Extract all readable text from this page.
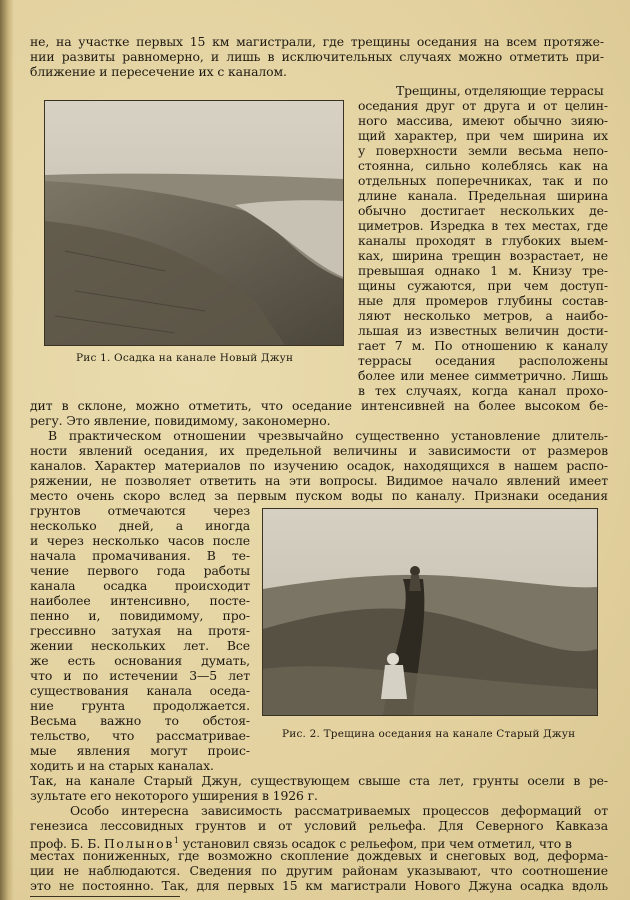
не, на участке первых 15 км магистрали, где трещины оседания на всем протяже-
нии развиты равномерно, и лишь в исключительных случаях можно отметить при-
ближение и пересечение их с каналом.
Рис 1. Осадка на канале Новый Джун
Трещины, отделяющие террасы
оседания друг от друга и от целин-
ного массива, имеют обычно зияю-
щий характер, при чем ширина их
у поверхности земли весьма непо-
стоянна, сильно колеблясь как на
отдельных поперечниках, так и по
длине канала. Предельная ширина
обычно достигает нескольких де-
циметров. Изредка в тех местах, где
каналы проходят в глубоких выем-
ках, ширина трещин возрастает, не
превышая однако 1 м. Книзу тре-
щины сужаются, при чем доступ-
ные для промеров глубины состав-
ляют несколько метров, а наибо-
льшая из известных величин дости-
гает 7 м. По отношению к каналу
террасы оседания расположены
более или менее симметрично. Лишь
в тех случаях, когда канал прохо-
дит в склоне, можно отметить, что оседание интенсивней на более высоком бе-
регу. Это явление, повидимому, закономерно.
В практическом отношении чрезвычайно существенно установление длитель-
ности явлений оседания, их предельной величины и зависимости от размеров
каналов. Характер материалов по изучению осадок, находящихся в нашем распо-
ряжении, не позволяет ответить на эти вопросы. Видимое начало явлений имеет
место очень скоро вслед за первым пуском воды по каналу. Признаки оседания
грунтов отмечаются через
несколько дней, а иногда
и через несколько часов после
начала промачивания. В те-
чение первого года работы
канала осадка происходит
наиболее интенсивно, посте-
пенно и, повидимому, про-
грессивно затухая на протя-
жении нескольких лет. Все
же есть основания думать,
что и по истечении 3—5 лет
существования канала оседа-
ние грунта продолжается.
Весьма важно то обстоя-
тельство, что рассматривае-
мые явления могут проис-
ходить и на старых каналах.
Рис. 2. Трещина оседания на канале Старый Джун
Так, на канале Старый Джун, существующем свыше ста лет, грунты осели в ре-
зультате его некоторого уширения в 1926 г.
Особо интересна зависимость рассматриваемых процессов деформаций от
генезиса лессовидных грунтов и от условий рельефа. Для Северного Кавказа
проф. Б. Б. Полынов$^1$ установил связь осадок с рельефом, при чем отметил, что в
местах пониженных, где возможно скопление дождевых и снеговых вод, деформа-
ции не наблюдаются. Сведения по другим районам указывают, что соотношение
это не постоянно. Так, для первых 15 км магистрали Нового Джуна осадка вдоль
